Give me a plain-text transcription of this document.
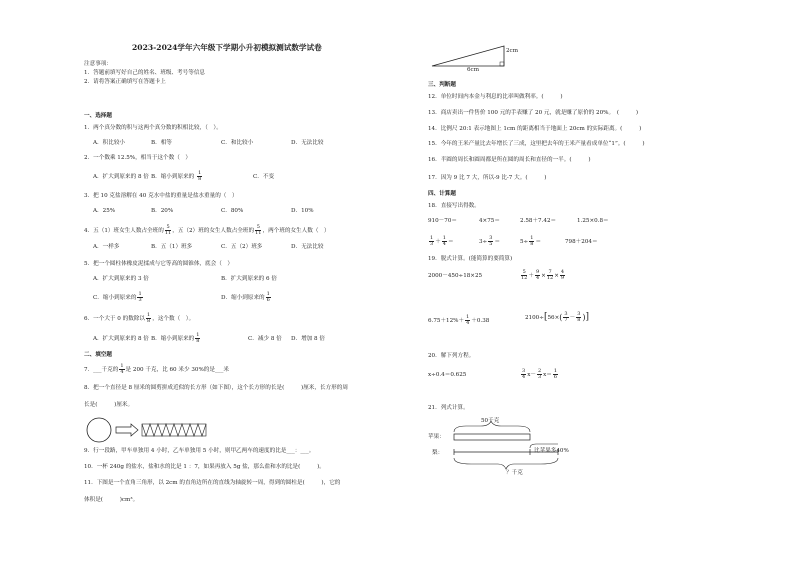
2023-2024学年六年级下学期小升初模拟测试数学试卷
注意事项：
1．答题前填写好自己的姓名、班级、考号等信息
2．请将答案正确填写在答题卡上
一、选择题
1．两个真分数的积与这两个真分数的积相比较，（　）。
A．积比较小	B．相等	C．和比较小	D．无法比较
2．一个数乘 12.5%，相当于这个数（　）
A．扩大到原来的 8 倍 B．缩小到原来的 $\frac{1}{8}$	C．不变
3．把 10 克盐溶解在 40 克水中盐的重量是盐水重量的（　）
A．25%	B．20%	C．80%	D．10%
4．五（1）班女生人数占全班的 $\frac{5}{11}$ ，五（2）班的女生人数占全班的 $\frac{5}{11}$ ，两个班的女生人数（　）
A．一样多	B．五（1）班多	C．五（2）班多	D．无法比较
5．把一个圆柱体橡皮泥揉成与它等高的圆锥体，底会（　）
A．扩大到原来的 3 倍	B．扩大到原来的 6 倍
C．缩小到原来的 $\frac{1}{3}$	D．缩小到原来的 $\frac{1}{6}$
6．一个大于 0 的数除以 $\frac{1}{8}$ ，这个数（　）。
A．扩大到原来的 8 倍 B．缩小到原来的 $\frac{1}{8}$	C．减少 8 倍 D．增加 8 倍
二、填空题
7．___千克的 $\frac{1}{4}$ 是 200 千克，比 60 米少 30%的是___米
8．把一个直径是 8 厘米的圆剪拼成近似的长方形（如下图），这个长方形的长是(　　　)厘米，长方形的周
长是(　　　)厘米。
9．行一段路，甲车单独用 4 小时，乙车单独用 5 小时，则甲乙两车的速度的比是___：___。
10．一杯 240g 的盐水，盐和水的比是 1 ：7，如果再放入 5g 盐，那么盐和水的比是(　　　)。
11．下图是一个直角三角形，以 2cm 的直角边所在的直线为轴旋转一周，得到的圆柱是(　　　)，它的
体积是(　　　)cm³。
2cm
6cm
三、判断题
12．单位时间内本金与利息的比率叫做利率。(　　　)
13．商店卖出一件售价 100 元的手表赚了 20 元，就是赚了原价的 20%。　(　　　)
14．比例尺 20:1 表示地图上 1cm 的距离相当于地面上 20cm 的实际距离。(　　　)
15．今年的王米产量比去年增长了三成，这里把去年的王米产量看成单位“1”。(　　　)
16．半圆的周长和圆周都是所在圆的周长和直径的一半。(　　　)
17．因为 9 比 7 大，所以-9 比-7 大。(　　　)
四、计算题
18．直接写出得数。
910－70＝	4×75＝	2.58＋7.42＝	1.25×0.8＝
$\frac{1}{3} + \frac{1}{4}$ ＝	$3\div \frac{3}{5}$ ＝	$5\div \frac{1}{8}$ ＝	798＋204＝
19．脱式计算。(能简算的要简算)
2000－450÷18×25	$\frac{5}{12} + \frac{9}{4} \times \frac{7}{12} \times \frac{4}{9}$
$6.75+12\%+ \frac{1}{4} +0.38$	$2100\div[56\times( \frac{3}{7} - \frac{3}{8}$ )]
20．解下列方程。
x÷0.4＝0.625	$\frac{3}{4} x- \frac{2}{3} x= \frac{1}{6}$
21．列式计算。
50千克
苹果：
比苹果多40%
梨：
？千克
